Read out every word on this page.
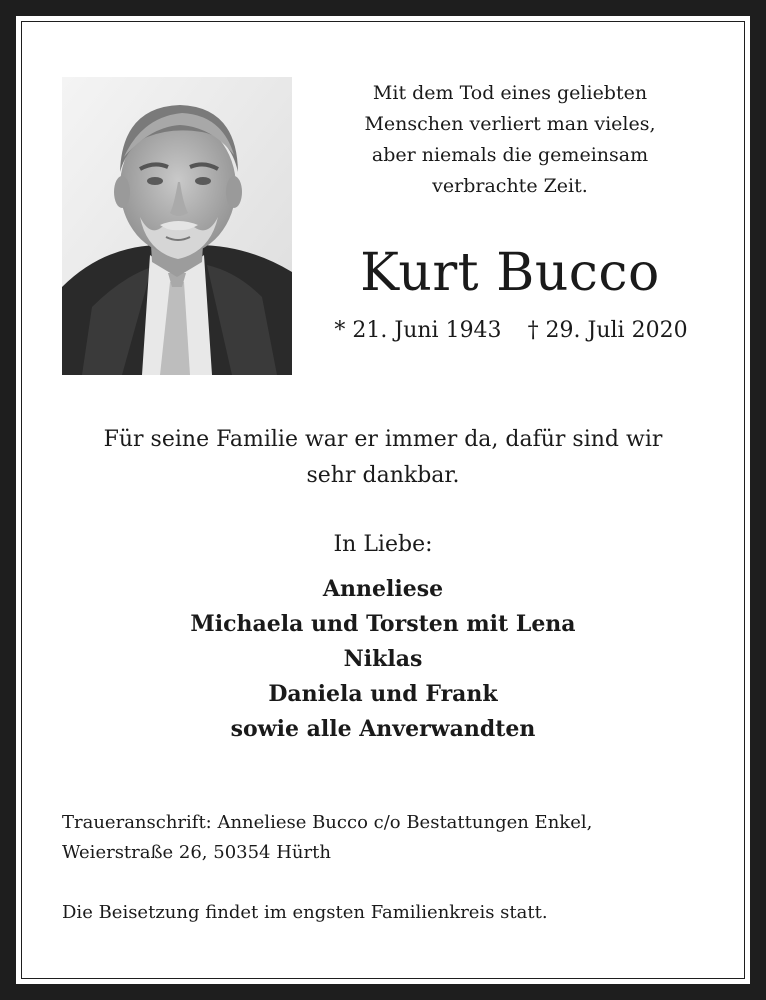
Mit dem Tod eines geliebten
Menschen verliert man vieles,
aber niemals die gemeinsam
verbrachte Zeit.
Kurt Bucco
* 21. Juni 1943 † 29. Juli 2020
Für seine Familie war er immer da, dafür sind wir
sehr dankbar.
In Liebe:
Anneliese
Michaela und Torsten mit Lena
Niklas
Daniela und Frank
sowie alle Anverwandten
Traueranschrift: Anneliese Bucco c/o Bestattungen Enkel,
Weierstraße 26, 50354 Hürth
Die Beisetzung findet im engsten Familienkreis statt.
